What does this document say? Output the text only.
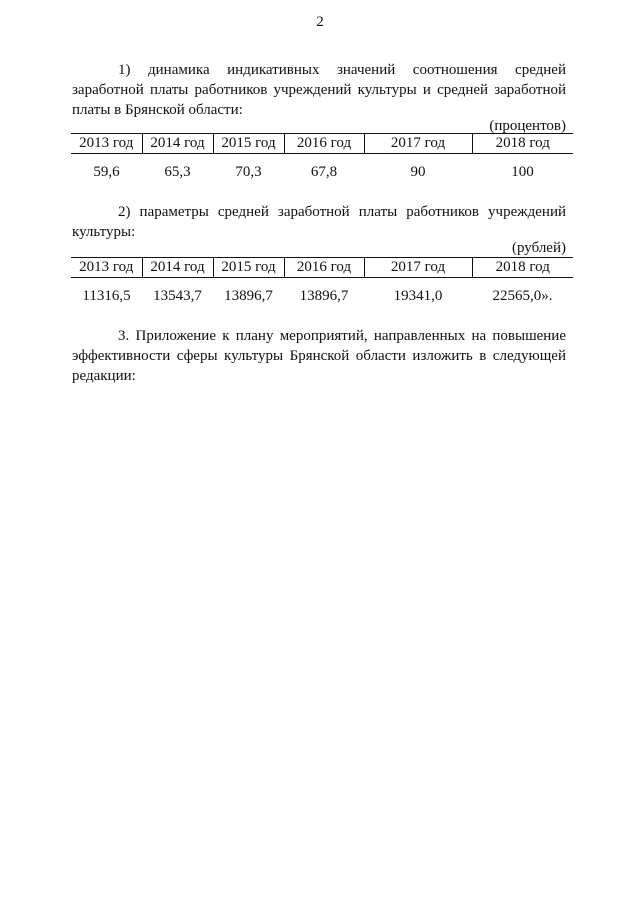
2
1) динамика индикативных значений соотношения средней заработной платы работников учреждений культуры и средней заработной платы в Брянской области:
(процентов)
2013 год	2014 год	2015 год	2016 год	2017 год	2018 год
59,6	65,3	70,3	67,8	90	100
2) параметры средней заработной платы работников учреждений культуры:
(рублей)
2013 год	2014 год	2015 год	2016 год	2017 год	2018 год
11316,5	13543,7	13896,7	13896,7	19341,0	22565,0».
3. Приложение к плану мероприятий, направленных на повышение эффективности сферы культуры Брянской области изложить в следующей редакции:
